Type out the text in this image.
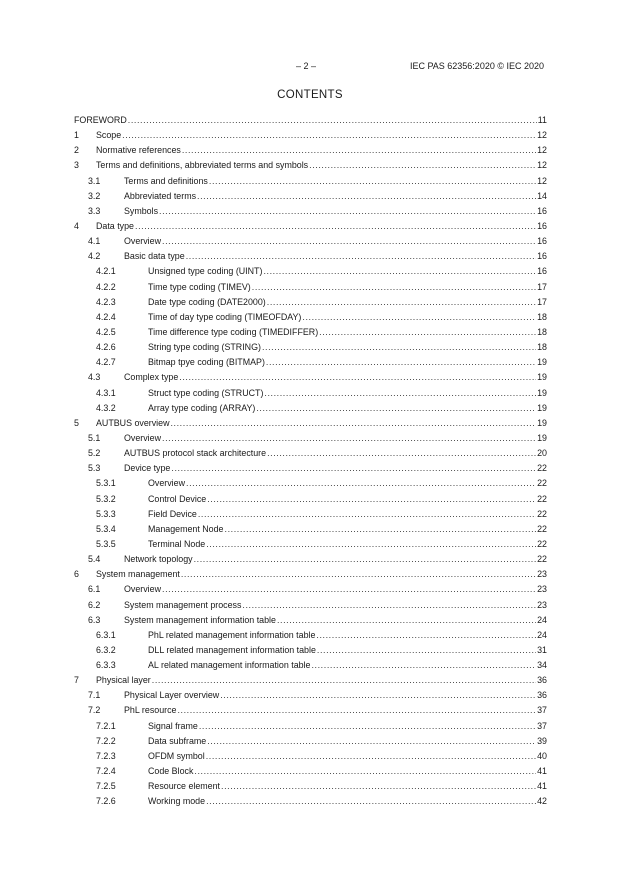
– 2 –	IEC PAS 62356:2020 © IEC 2020
CONTENTS
FOREWORD .....	11
1 Scope .....	12
2 Normative references .....	12
3 Terms and definitions, abbreviated terms and symbols .....	12
3.1	Terms and definitions .....	12
3.2	Abbreviated terms .....	14
3.3	Symbols .....	16
4 Data type .....	16
4.1	Overview .....	16
4.2	Basic data type .....	16
4.2.1	Unsigned type coding (UINT) .....	16
4.2.2	Time type coding (TIMEV) .....	17
4.2.3	Date type coding (DATE2000) .....	17
4.2.4	Time of day type coding (TIMEOFDAY) .....	18
4.2.5	Time difference type coding (TIMEDIFFER) .....	18
4.2.6	String type coding (STRING) .....	18
4.2.7	Bitmap tpye coding (BITMAP) .....	19
4.3	Complex type .....	19
4.3.1	Struct type coding (STRUCT) .....	19
4.3.2	Array type coding (ARRAY) .....	19
5 AUTBUS overview .....	19
5.1	Overview .....	19
5.2	AUTBUS protocol stack architecture .....	20
5.3	Device type .....	22
5.3.1	Overview .....	22
5.3.2	Control Device .....	22
5.3.3	Field Device .....	22
5.3.4	Management Node .....	22
5.3.5	Terminal Node .....	22
5.4	Network topology .....	22
6 System management .....	23
6.1	Overview .....	23
6.2	System management process .....	23
6.3	System management information table .....	24
6.3.1	PhL related management information table .....	24
6.3.2	DLL related management information table .....	31
6.3.3	AL related management information table .....	34
7 Physical layer .....	36
7.1	Physical Layer overview .....	36
7.2	PhL resource .....	37
7.2.1	Signal frame .....	37
7.2.2	Data subframe .....	39
7.2.3	OFDM symbol .....	40
7.2.4	Code Block .....	41
7.2.5	Resource element .....	41
7.2.6	Working mode .....	42
